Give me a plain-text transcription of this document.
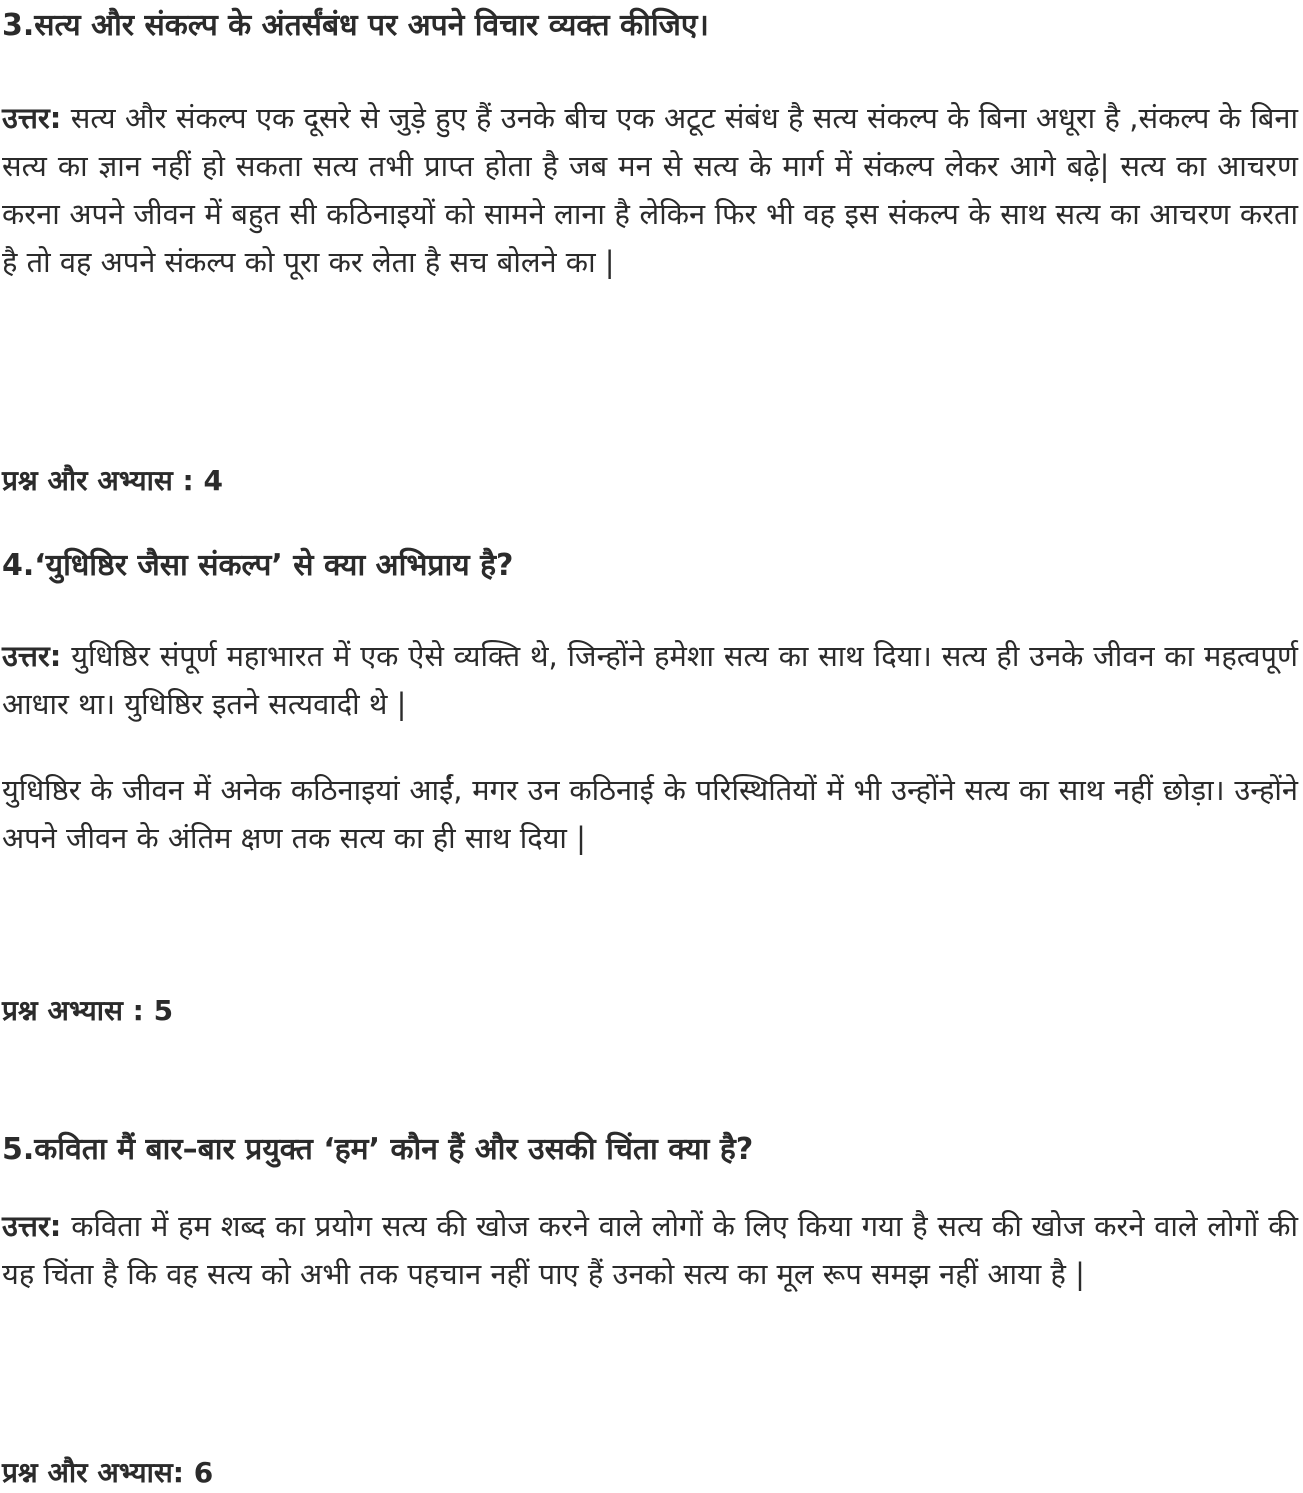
3.सत्य और संकल्प के अंतर्संबंध पर अपने विचार व्यक्त कीजिए।

उत्तर: सत्य और संकल्प एक दूसरे से जुड़े हुए हैं उनके बीच एक अटूट संबंध है सत्य संकल्प के बिना अधूरा है ,संकल्प के बिना सत्य का ज्ञान नहीं हो सकता सत्य तभी प्राप्त होता है जब मन से सत्य के मार्ग में संकल्प लेकर आगे बढ़े| सत्य का आचरण करना अपने जीवन में बहुत सी कठिनाइयों को सामने लाना है लेकिन फिर भी वह इस संकल्प के साथ सत्य का आचरण करता है तो वह अपने संकल्प को पूरा कर लेता है सच बोलने का |

प्रश्न और अभ्यास : 4
4.‘युधिष्ठिर जैसा संकल्प’ से क्या अभिप्राय है?

उत्तर: युधिष्ठिर संपूर्ण महाभारत में एक ऐसे व्यक्ति थे, जिन्होंने हमेशा सत्य का साथ दिया। सत्य ही उनके जीवन का महत्वपूर्ण आधार था। युधिष्ठिर इतने सत्यवादी थे |

युधिष्ठिर के जीवन में अनेक कठिनाइयां आईं, मगर उन कठिनाई के परिस्थितियों में भी उन्होंने सत्य का साथ नहीं छोड़ा। उन्होंने अपने जीवन के अंतिम क्षण तक सत्य का ही साथ दिया |

प्रश्न अभ्यास : 5
5.कविता मैं बार–बार प्रयुक्त ‘हम’ कौन हैं और उसकी चिंता क्या है?

उत्तर: कविता में हम शब्द का प्रयोग सत्य की खोज करने वाले लोगों के लिए किया गया है सत्य की खोज करने वाले लोगों की यह चिंता है कि वह सत्य को अभी तक पहचान नहीं पाए हैं उनको सत्य का मूल रूप समझ नहीं आया है |

प्रश्न और अभ्यास: 6
